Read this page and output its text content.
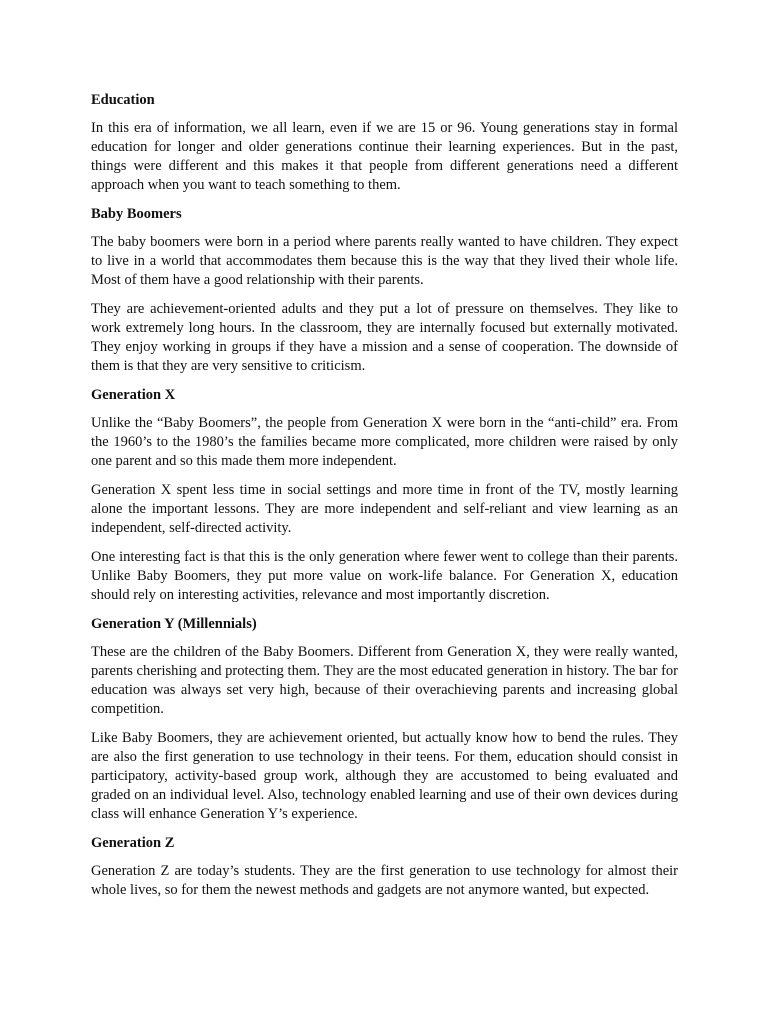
Education

In this era of information, we all learn, even if we are 15 or 96. Young generations stay in formal education for longer and older generations continue their learning experiences. But in the past, things were different and this makes it that people from different generations need a different approach when you want to teach something to them.

Baby Boomers

The baby boomers were born in a period where parents really wanted to have children. They expect to live in a world that accommodates them because this is the way that they lived their whole life. Most of them have a good relationship with their parents.

They are achievement-oriented adults and they put a lot of pressure on themselves. They like to work extremely long hours. In the classroom, they are internally focused but externally motivated. They enjoy working in groups if they have a mission and a sense of cooperation. The downside of them is that they are very sensitive to criticism.

Generation X

Unlike the “Baby Boomers”, the people from Generation X were born in the “anti-child” era. From the 1960’s to the 1980’s the families became more complicated, more children were raised by only one parent and so this made them more independent.

Generation X spent less time in social settings and more time in front of the TV, mostly learning alone the important lessons. They are more independent and self-reliant and view learning as an independent, self-directed activity.

One interesting fact is that this is the only generation where fewer went to college than their parents. Unlike Baby Boomers, they put more value on work-life balance. For Generation X, education should rely on interesting activities, relevance and most importantly discretion.

Generation Y (Millennials)

These are the children of the Baby Boomers. Different from Generation X, they were really wanted, parents cherishing and protecting them. They are the most educated generation in history. The bar for education was always set very high, because of their overachieving parents and increasing global competition.

Like Baby Boomers, they are achievement oriented, but actually know how to bend the rules. They are also the first generation to use technology in their teens. For them, education should consist in participatory, activity-based group work, although they are accustomed to being evaluated and graded on an individual level. Also, technology enabled learning and use of their own devices during class will enhance Generation Y’s experience.

Generation Z

Generation Z are today’s students. They are the first generation to use technology for almost their whole lives, so for them the newest methods and gadgets are not anymore wanted, but expected.
